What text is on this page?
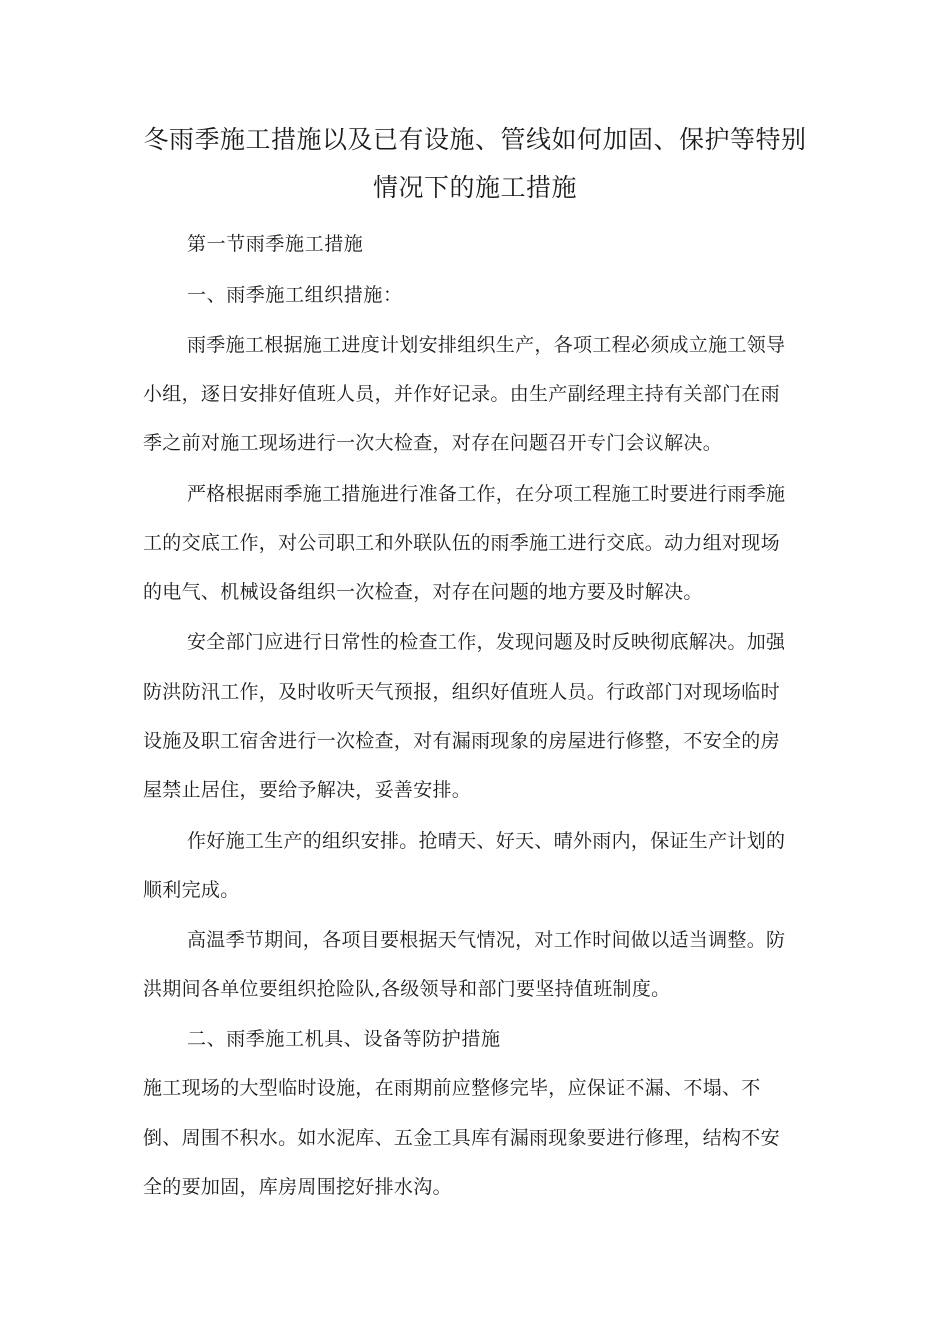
冬雨季施工措施以及已有设施、管线如何加固、保护等特别
情况下的施工措施

第一节雨季施工措施

一、雨季施工组织措施：

雨季施工根据施工进度计划安排组织生产，各项工程必须成立施工领导

小组，逐日安排好值班人员，并作好记录。由生产副经理主持有关部门在雨

季之前对施工现场进行一次大检查，对存在问题召开专门会议解决。

严格根据雨季施工措施进行准备工作，在分项工程施工时要进行雨季施

工的交底工作，对公司职工和外联队伍的雨季施工进行交底。动力组对现场

的电气、机械设备组织一次检查，对存在问题的地方要及时解决。

安全部门应进行日常性的检查工作，发现问题及时反映彻底解决。加强

防洪防汛工作，及时收听天气预报，组织好值班人员。行政部门对现场临时

设施及职工宿舍进行一次检查，对有漏雨现象的房屋进行修整，不安全的房

屋禁止居住，要给予解决，妥善安排。

作好施工生产的组织安排。抢晴天、好天、晴外雨内，保证生产计划的

顺利完成。

高温季节期间，各项目要根据天气情况，对工作时间做以适当调整。防

洪期间各单位要组织抢险队,各级领导和部门要坚持值班制度。

二、雨季施工机具、设备等防护措施

施工现场的大型临时设施，在雨期前应整修完毕，应保证不漏、不塌、不

倒、周围不积水。如水泥库、五金工具库有漏雨现象要进行修理，结构不安

全的要加固，库房周围挖好排水沟。
